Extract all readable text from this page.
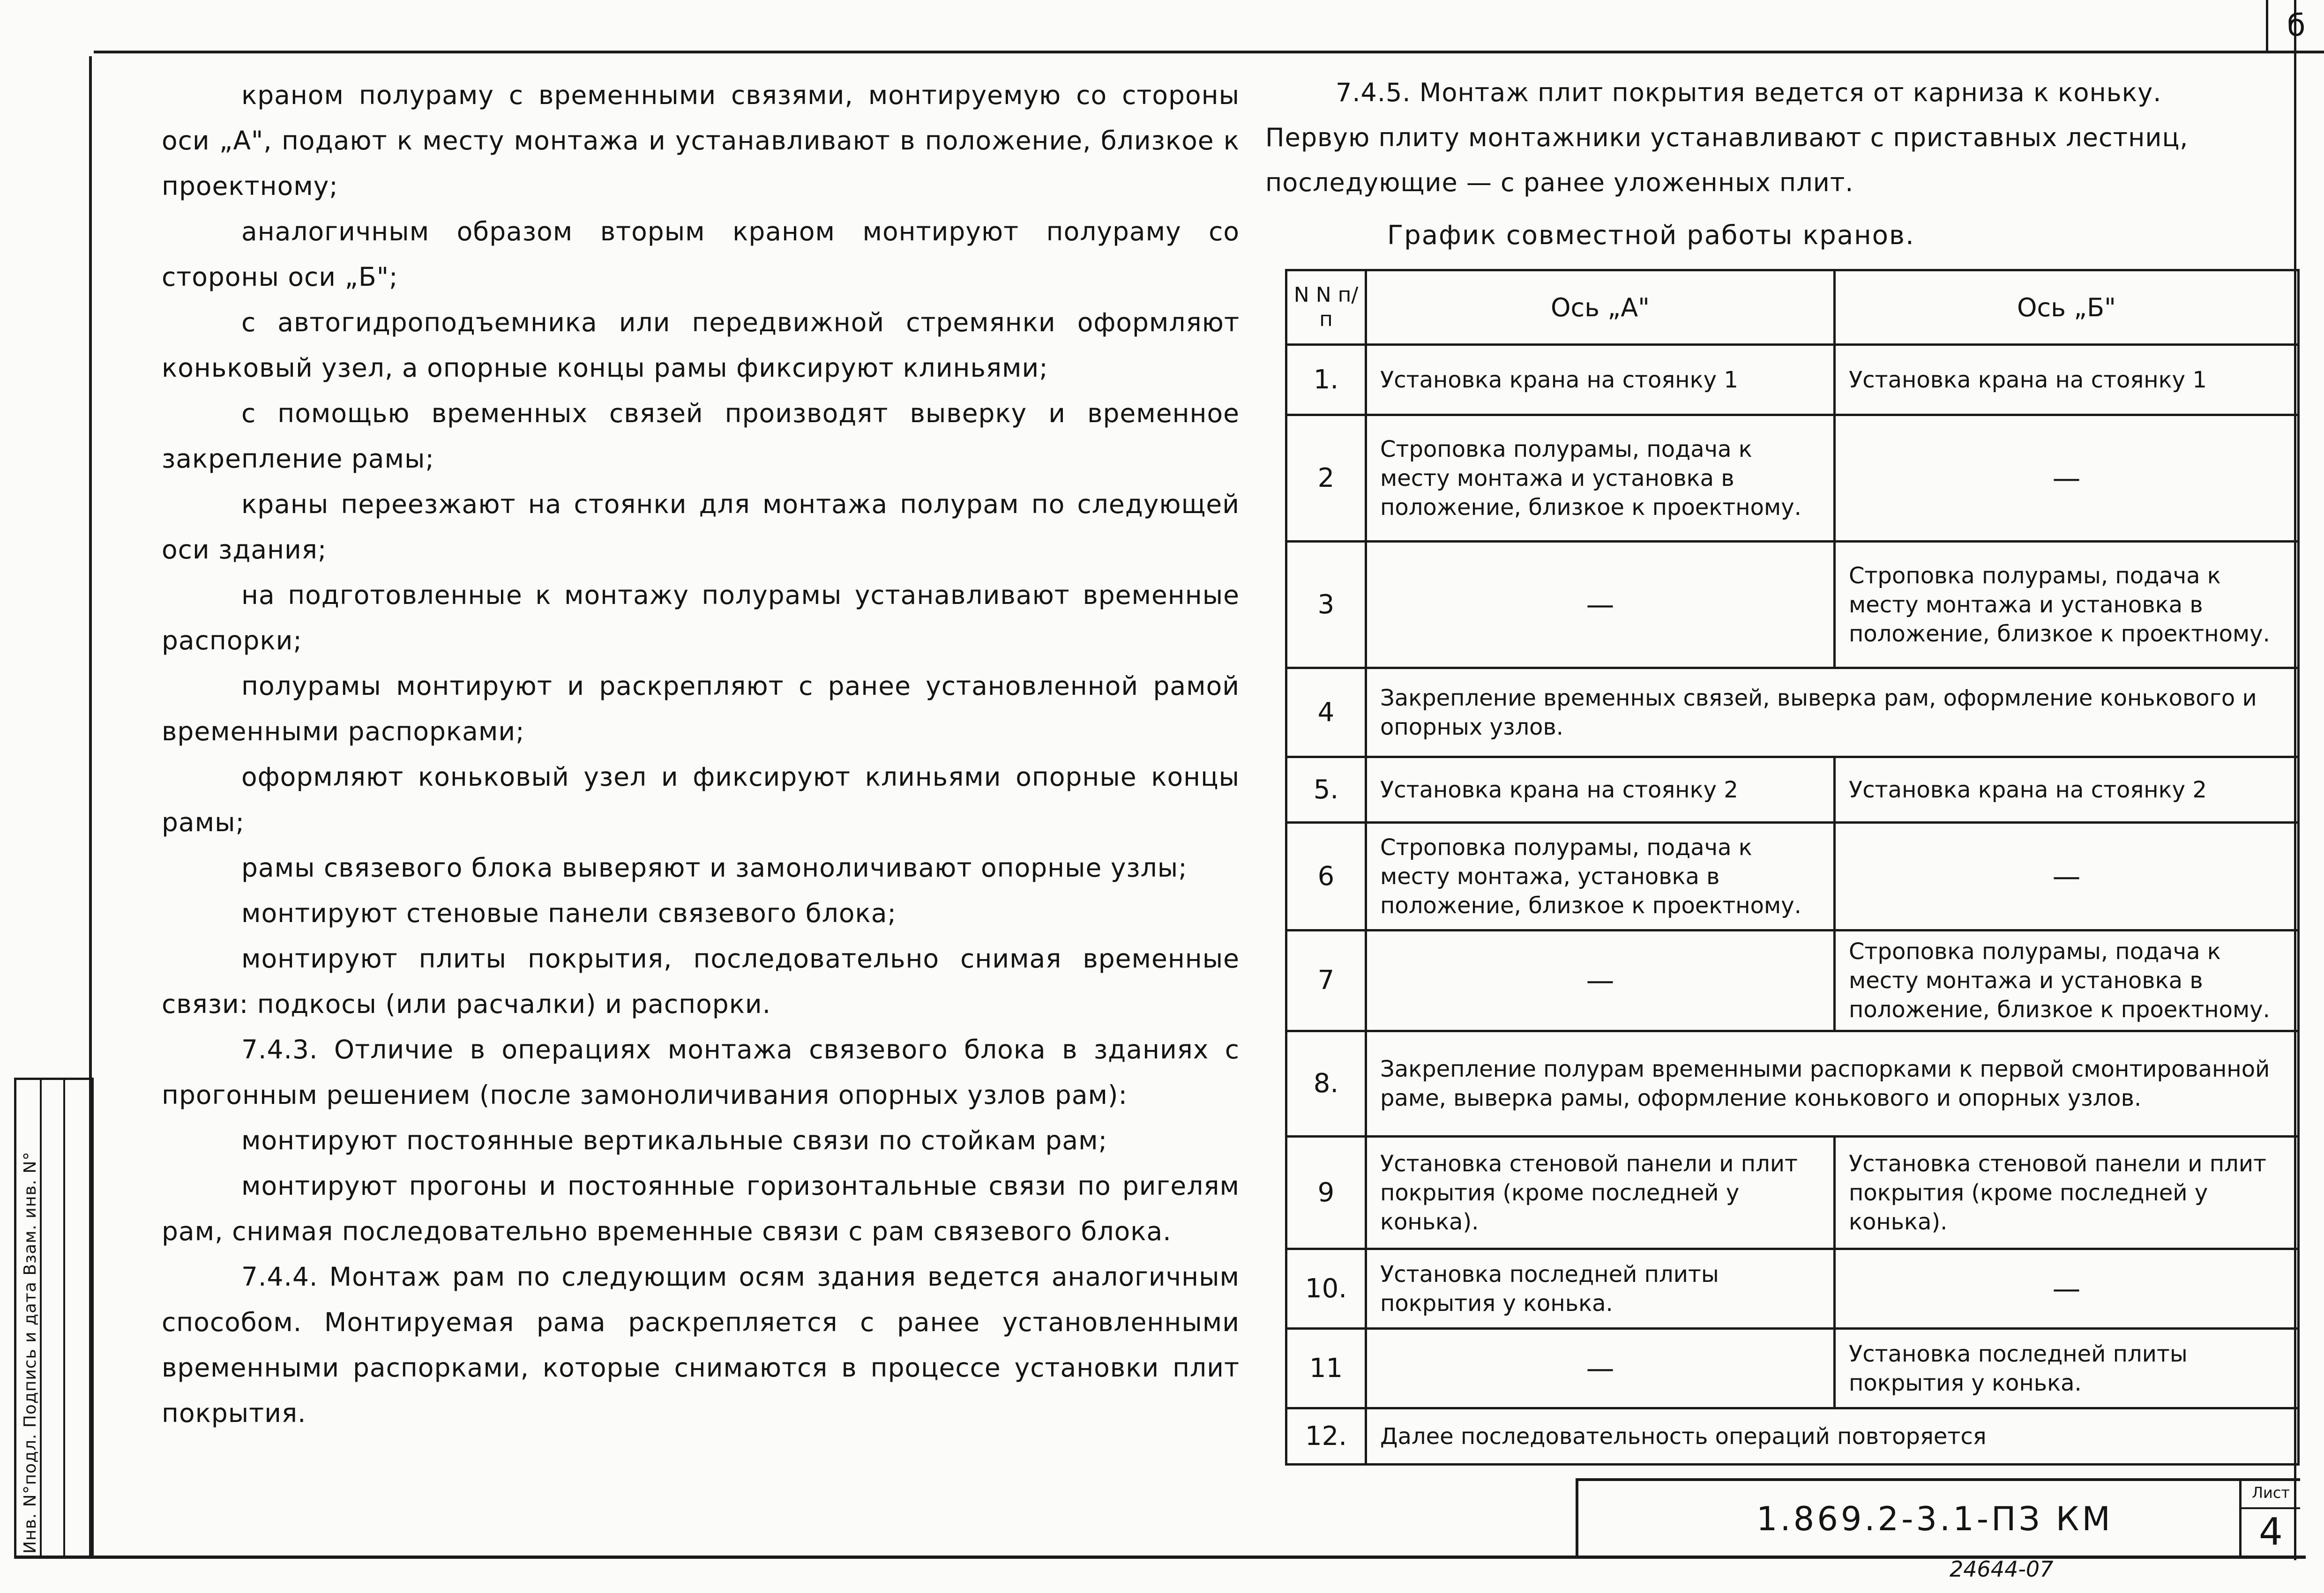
б
Инв. N°подл. Подпись и дата Взам. инв. N°
краном полураму с временными связями, монтируемую со стороны оси „А", подают к месту монтажа и устанавливают в положение, близкое к проектному;
аналогичным образом вторым краном монтируют полураму со стороны оси „Б";
с автогидроподъемника или передвижной стремянки оформляют коньковый узел, а опорные концы рамы фиксируют клиньями;
с помощью временных связей производят выверку и временное закрепление рамы;
краны переезжают на стоянки для монтажа полурам по следующей оси здания;
на подготовленные к монтажу полурамы устанавливают временные распорки;
полурамы монтируют и раскрепляют с ранее установленной рамой временными распорками;
оформляют коньковый узел и фиксируют клиньями опорные концы рамы;
рамы связевого блока выверяют и замоноличивают опорные узлы;
монтируют стеновые панели связевого блока;
монтируют плиты покрытия, последовательно снимая временные связи: подкосы (или расчалки) и распорки.
7.4.3. Отличие в операциях монтажа связевого блока в зданиях с прогонным решением (после замоноличивания опорных узлов рам):
монтируют постоянные вертикальные связи по стойкам рам;
монтируют прогоны и постоянные горизонтальные связи по ригелям рам, снимая последовательно временные связи с рам связевого блока.
7.4.4. Монтаж рам по следующим осям здания ведется аналогичным способом. Монтируемая рама раскрепляется с ранее установленными временными распорками, которые снимаются в процессе установки плит покрытия.
7.4.5. Монтаж плит покрытия ведется от карниза к коньку. Первую плиту монтажники устанавливают с приставных лестниц, последующие — с ранее уложенных плит.
График совместной работы кранов.
N N п/п	Ось „А"	Ось „Б"
1.	Установка крана на стоянку 1	Установка крана на стоянку 1
2	Строповка полурамы, подача к месту монтажа и установка в положение, близкое к проектному.	—
3	—	Строповка полурамы, подача к месту монтажа и установка в положение, близкое к проектному.
4	Закрепление временных связей, выверка рам, оформление конькового и опорных узлов.	
5.	Установка крана на стоянку 2	Установка крана на стоянку 2
6	Строповка полурамы, подача к месту монтажа, установка в положение, близкое к проектному.	—
7	—	Строповка полурамы, подача к месту монтажа и установка в положение, близкое к проектному.
8.	Закрепление полурам временными распорками к первой смонтированной раме, выверка рамы, оформление конькового и опорных узлов.	
9	Установка стеновой панели и плит покрытия (кроме последней у конька).	Установка стеновой панели и плит покрытия (кроме последней у конька).
10.	Установка последней плиты покрытия у конька.	—
11	—	Установка последней плиты покрытия у конька.
12.	Далее последовательность операций повторяется	
1.869.2-3.1-ПЗ КМ
Лист
4
24644-07
